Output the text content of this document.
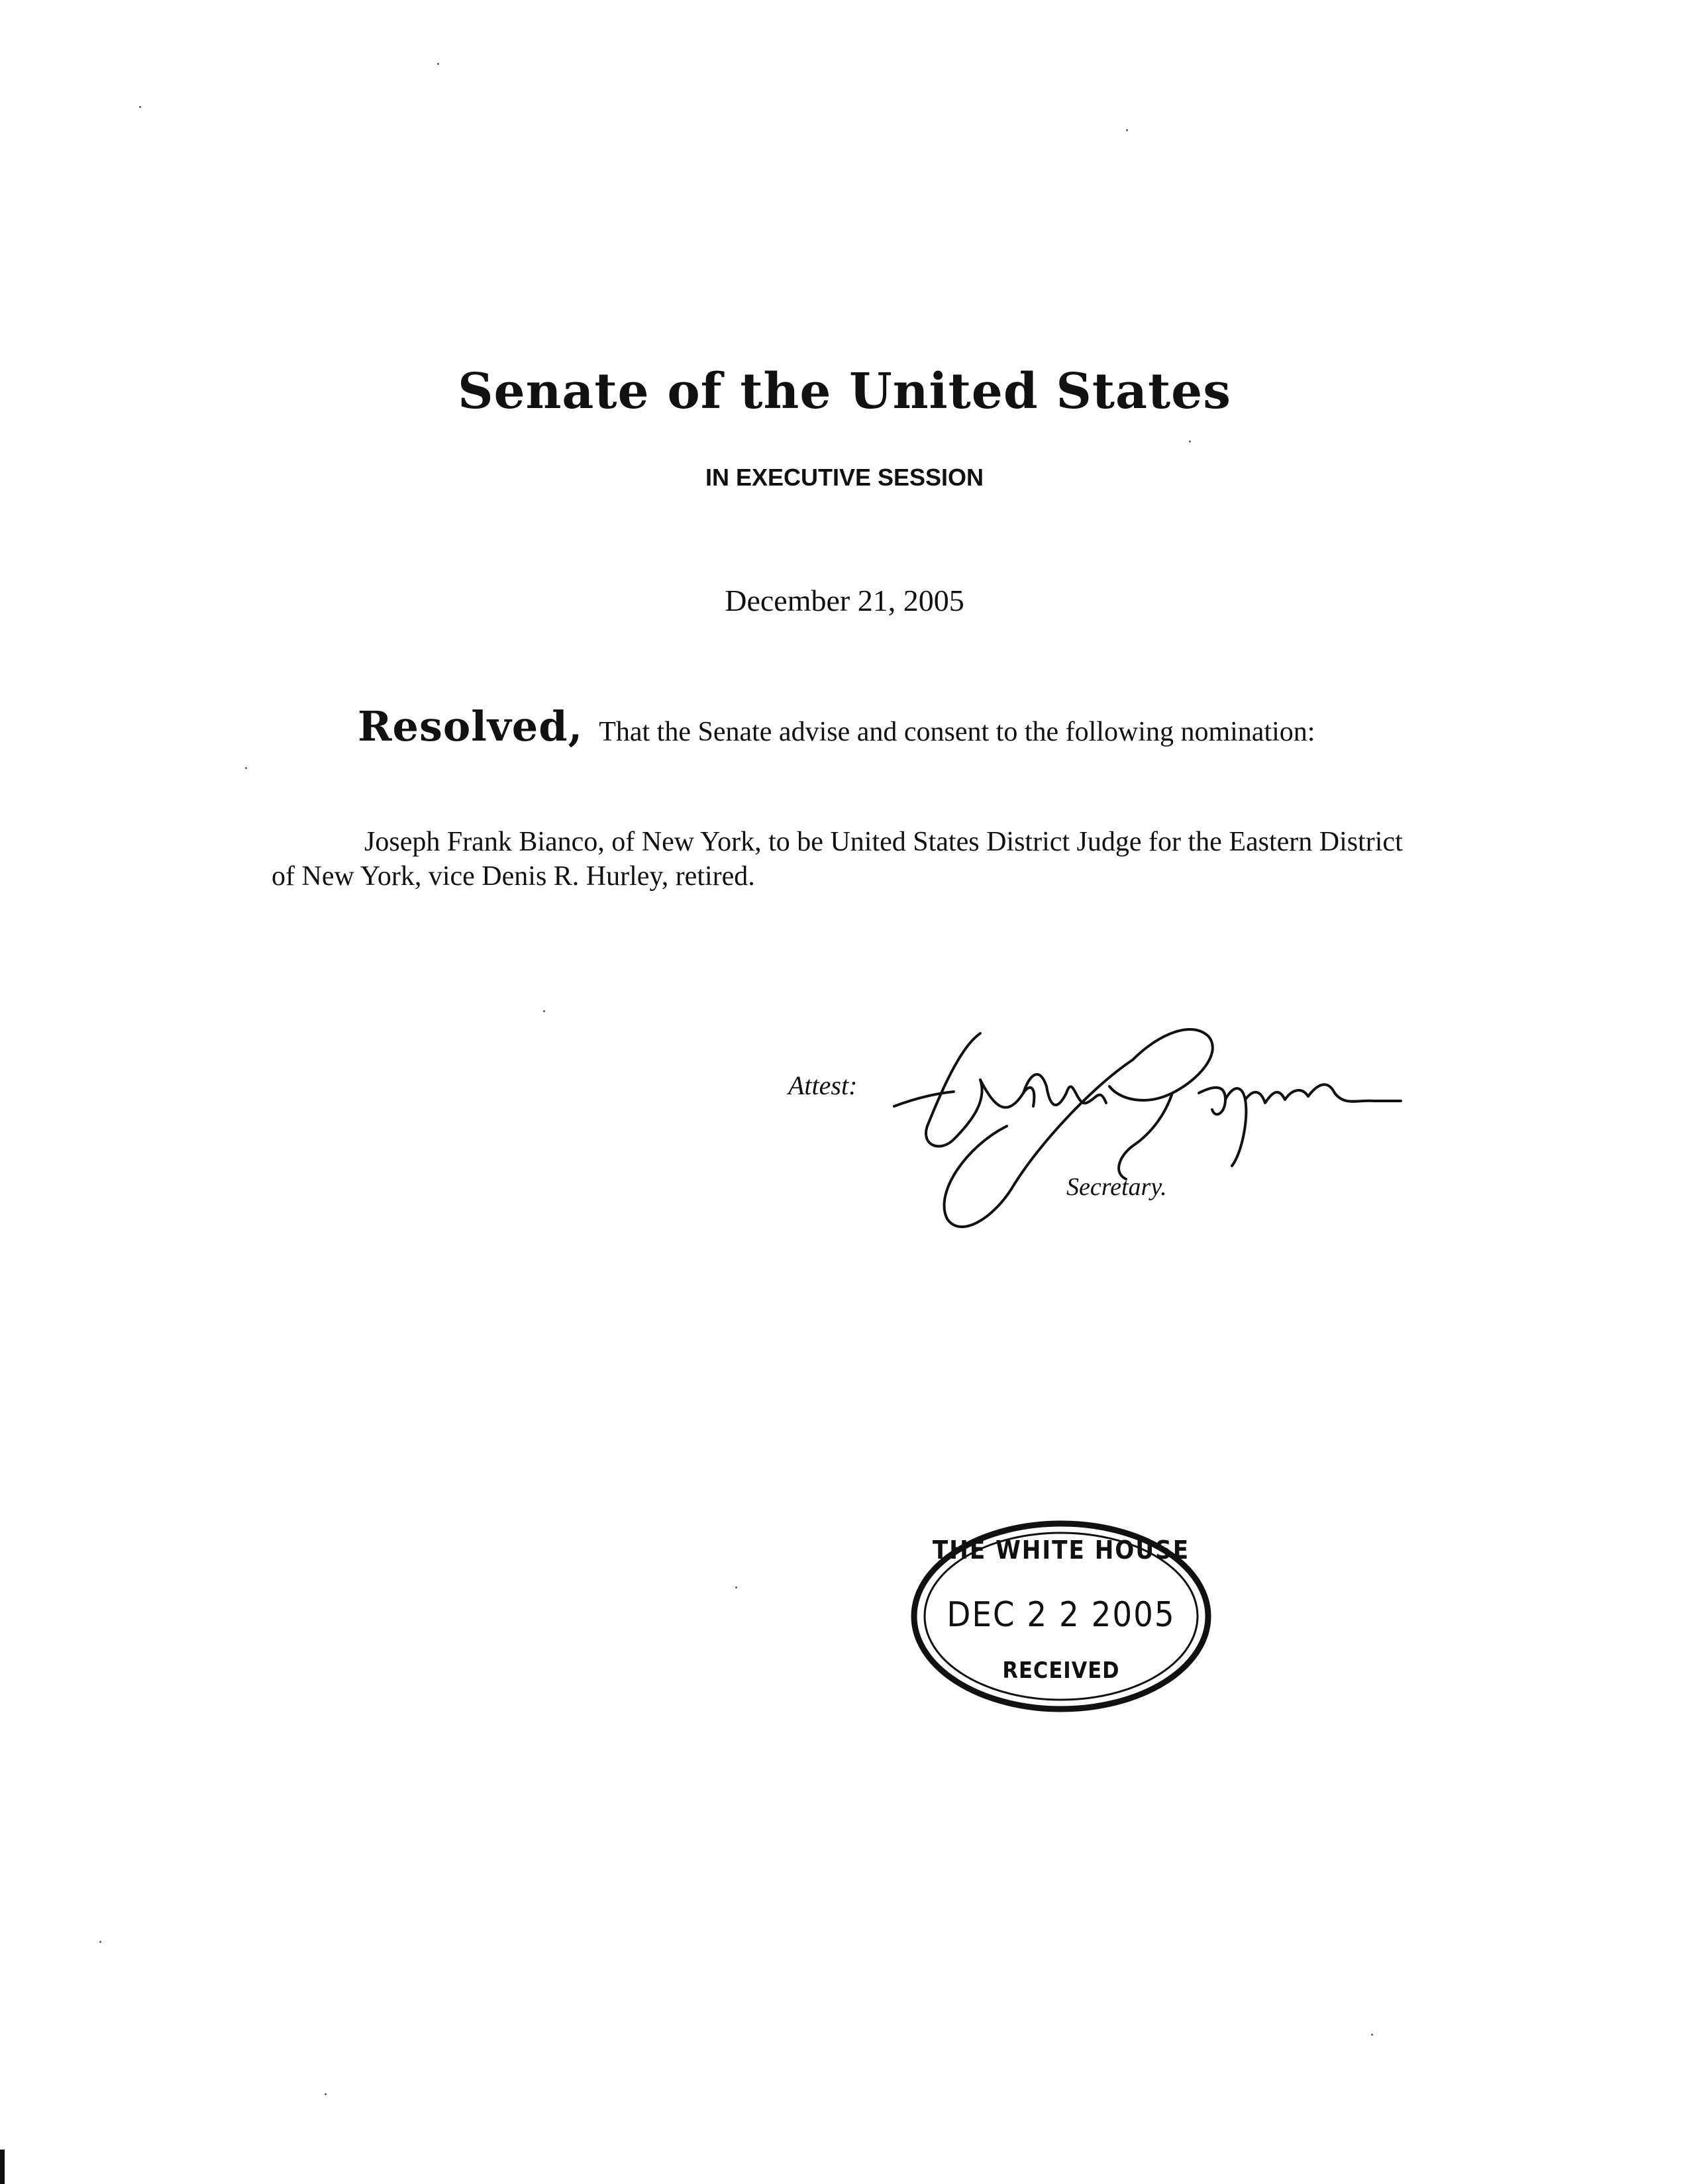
Senate of the United States
IN EXECUTIVE SESSION
December 21, 2005
Resolved, That the Senate advise and consent to the following nomination:
Joseph Frank Bianco, of New York, to be United States District Judge for the Eastern District of New York, vice Denis R. Hurley, retired.
Attest:
Secretary.
THE WHITE HOUSE
DEC 2 2 2005
RECEIVED
